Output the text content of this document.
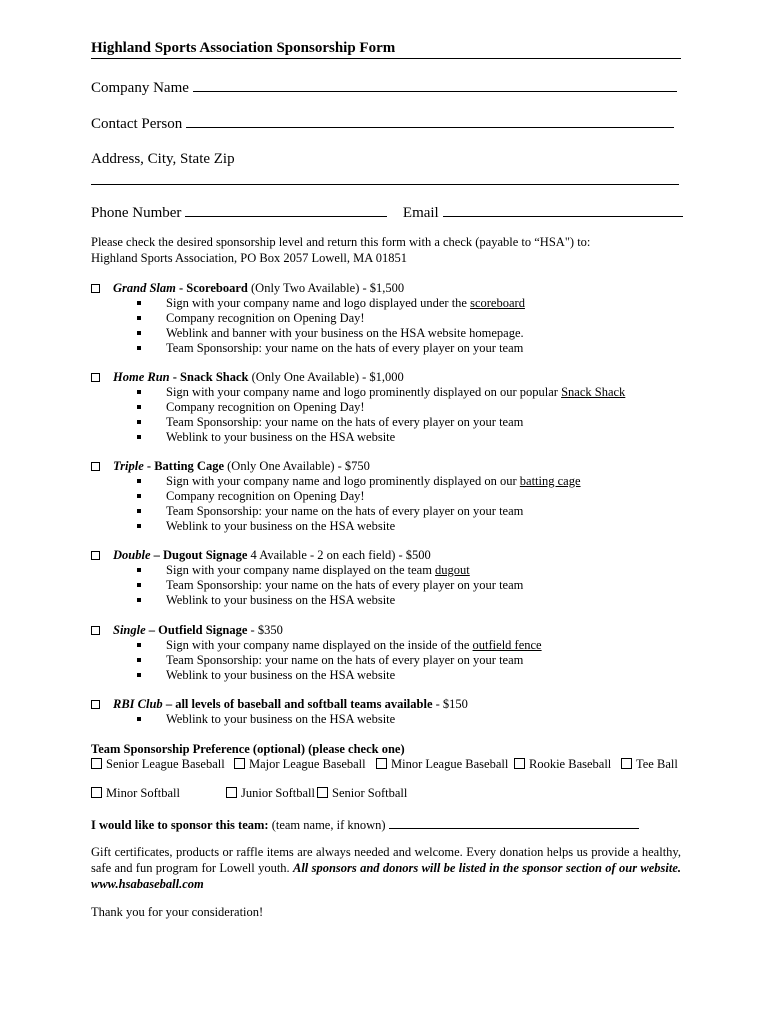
Highland Sports Association Sponsorship Form
Company Name
Contact Person
Address, City, State Zip
Phone Number	Email
Please check the desired sponsorship level and return this form with a check (payable to “HSA") to:
Highland Sports Association, PO Box 2057 Lowell, MA 01851
Grand Slam - Scoreboard (Only Two Available) - $1,500
Sign with your company name and logo displayed under the scoreboard
Company recognition on Opening Day!
Weblink and banner with your business on the HSA website homepage.
Team Sponsorship: your name on the hats of every player on your team
Home Run - Snack Shack (Only One Available) - $1,000
Sign with your company name and logo prominently displayed on our popular Snack Shack
Company recognition on Opening Day!
Team Sponsorship: your name on the hats of every player on your team
Weblink to your business on the HSA website
Triple - Batting Cage (Only One Available) - $750
Sign with your company name and logo prominently displayed on our batting cage
Company recognition on Opening Day!
Team Sponsorship: your name on the hats of every player on your team
Weblink to your business on the HSA website
Double – Dugout Signage 4 Available - 2 on each field) - $500
Sign with your company name displayed on the team dugout
Team Sponsorship: your name on the hats of every player on your team
Weblink to your business on the HSA website
Single – Outfield Signage - $350
Sign with your company name displayed on the inside of the outfield fence
Team Sponsorship: your name on the hats of every player on your team
Weblink to your business on the HSA website
RBI Club – all levels of baseball and softball teams available - $150
Weblink to your business on the HSA website
Team Sponsorship Preference (optional) (please check one)
Senior League Baseball	Major League Baseball	Minor League Baseball	Rookie Baseball	Tee Ball
Minor Softball	Junior Softball	Senior Softball
I would like to sponsor this team: (team name, if known)
Gift certificates, products or raffle items are always needed and welcome. Every donation helps us provide a healthy, safe and fun program for Lowell youth. All sponsors and donors will be listed in the sponsor section of our website. www.hsabaseball.com
Thank you for your consideration!
